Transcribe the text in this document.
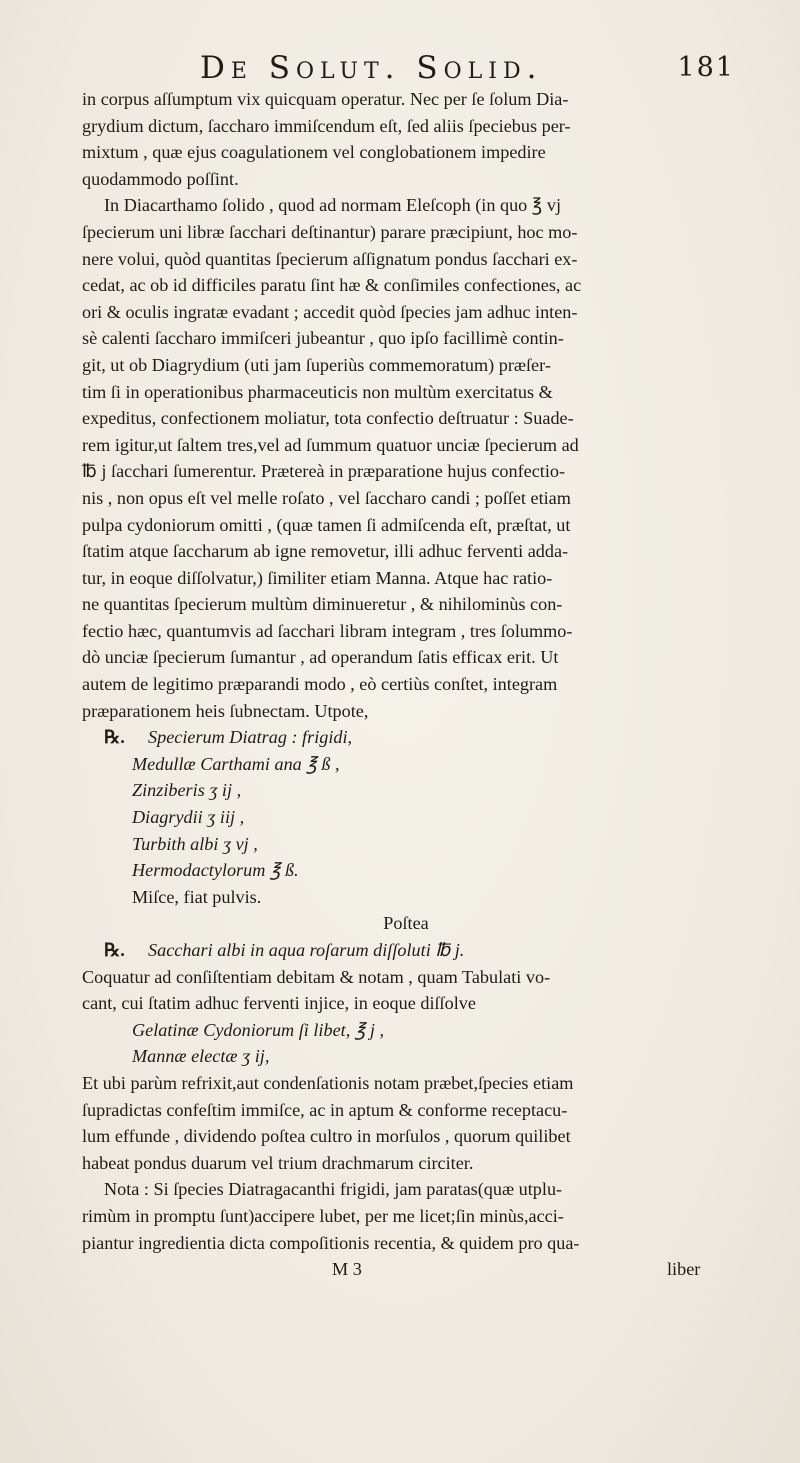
De Solut. Solid.	181
in corpus aſſumptum vix quicquam operatur. Nec per ſe ſolum Dia-
grydium dictum, ſaccharo immiſcendum eſt, ſed aliis ſpeciebus per-
mixtum , quæ ejus coagulationem vel conglobationem impedire
quodammodo poſſint.
In Diacarthamo ſolido , quod ad normam Eleſcoph (in quo ℥ vj
ſpecierum uni libræ ſacchari deſtinantur) parare præcipiunt, hoc mo-
nere volui, quòd quantitas ſpecierum aſſignatum pondus ſacchari ex-
cedat, ac ob id difficiles paratu ſint hæ & conſimiles confectiones, ac
ori & oculis ingratæ evadant ; accedit quòd ſpecies jam adhuc inten-
sè calenti ſaccharo immiſceri jubeantur , quo ipſo facillimè contin-
git, ut ob Diagrydium (uti jam ſuperiùs commemoratum) præſer-
tim ſi in operationibus pharmaceuticis non multùm exercitatus &
expeditus, confectionem moliatur, tota confectio deſtruatur : Suade-
rem igitur,ut ſaltem tres,vel ad ſummum quatuor unciæ ſpecierum ad
℔ j ſacchari ſumerentur. Prætereà in præparatione hujus confectio-
nis , non opus eſt vel melle roſato , vel ſaccharo candi ; poſſet etiam
pulpa cydoniorum omitti , (quæ tamen ſi admiſcenda eſt, præſtat, ut
ſtatim atque ſaccharum ab igne removetur, illi adhuc ferventi adda-
tur, in eoque diſſolvatur,) ſimiliter etiam Manna. Atque hac ratio-
ne quantitas ſpecierum multùm diminueretur , & nihilominùs con-
fectio hæc, quantumvis ad ſacchari libram integram , tres ſolummo-
dò unciæ ſpecierum ſumantur , ad operandum ſatis efficax erit. Ut
autem de legitimo præparandi modo , eò certiùs conſtet, integram
præparationem heis ſubnectam. Utpote,
℞. Specierum Diatrag : frigidi,
Medullæ Carthami ana ℥ ß ,
Zinziberis ʒ ij ,
Diagrydii ʒ iij ,
Turbith albi ʒ vj ,
Hermodactylorum ℥ ß.
Miſce, fiat pulvis.
Poſtea
℞. Sacchari albi in aqua roſarum diſſoluti ℔ j.
Coquatur ad conſiſtentiam debitam & notam , quam Tabulati vo-
cant, cui ſtatim adhuc ferventi injice, in eoque diſſolve
Gelatinæ Cydoniorum ſi libet, ℥ j ,
Mannæ electæ ʒ ij,
Et ubi parùm refrixit,aut condenſationis notam præbet,ſpecies etiam
ſupradictas confeſtim immiſce, ac in aptum & conforme receptacu-
lum effunde , dividendo poſtea cultro in morſulos , quorum quilibet
habeat pondus duarum vel trium drachmarum circiter.
Nota : Si ſpecies Diatragacanthi frigidi, jam paratas(quæ utplu-
rimùm in promptu ſunt)accipere lubet, per me licet;ſin minùs,acci-
piantur ingredientia dicta compoſitionis recentia, & quidem pro qua-
M 3	liber
